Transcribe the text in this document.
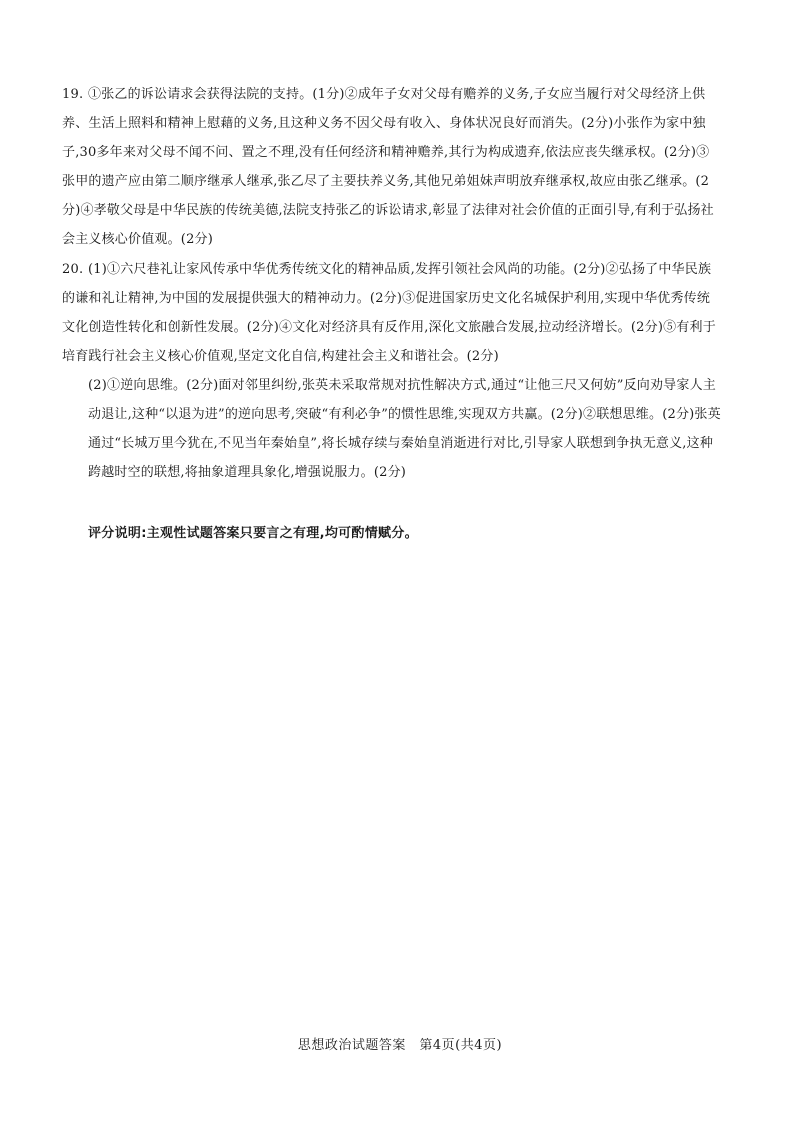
19. ①张乙的诉讼请求会获得法院的支持。(1分)②成年子女对父母有赡养的义务,子女应当履行对父母经济上供养、生活上照料和精神上慰藉的义务,且这种义务不因父母有收入、身体状况良好而消失。(2分)小张作为家中独子,30多年来对父母不闻不问、置之不理,没有任何经济和精神赡养,其行为构成遗弃,依法应丧失继承权。(2分)③张甲的遗产应由第二顺序继承人继承,张乙尽了主要扶养义务,其他兄弟姐妹声明放弃继承权,故应由张乙继承。(2分)④孝敬父母是中华民族的传统美德,法院支持张乙的诉讼请求,彰显了法律对社会价值的正面引导,有利于弘扬社会主义核心价值观。(2分)

20. (1)①六尺巷礼让家风传承中华优秀传统文化的精神品质,发挥引领社会风尚的功能。(2分)②弘扬了中华民族的谦和礼让精神,为中国的发展提供强大的精神动力。(2分)③促进国家历史文化名城保护利用,实现中华优秀传统文化创造性转化和创新性发展。(2分)④文化对经济具有反作用,深化文旅融合发展,拉动经济增长。(2分)⑤有利于培育践行社会主义核心价值观,坚定文化自信,构建社会主义和谐社会。(2分)

(2)①逆向思维。(2分)面对邻里纠纷,张英未采取常规对抗性解决方式,通过“让他三尺又何妨”反向劝导家人主动退让,这种“以退为进”的逆向思考,突破“有利必争”的惯性思维,实现双方共赢。(2分)②联想思维。(2分)张英通过“长城万里今犹在,不见当年秦始皇”,将长城存续与秦始皇消逝进行对比,引导家人联想到争执无意义,这种跨越时空的联想,将抽象道理具象化,增强说服力。(2分)

评分说明:主观性试题答案只要言之有理,均可酌情赋分。
思想政治试题答案　第4页(共4页)
